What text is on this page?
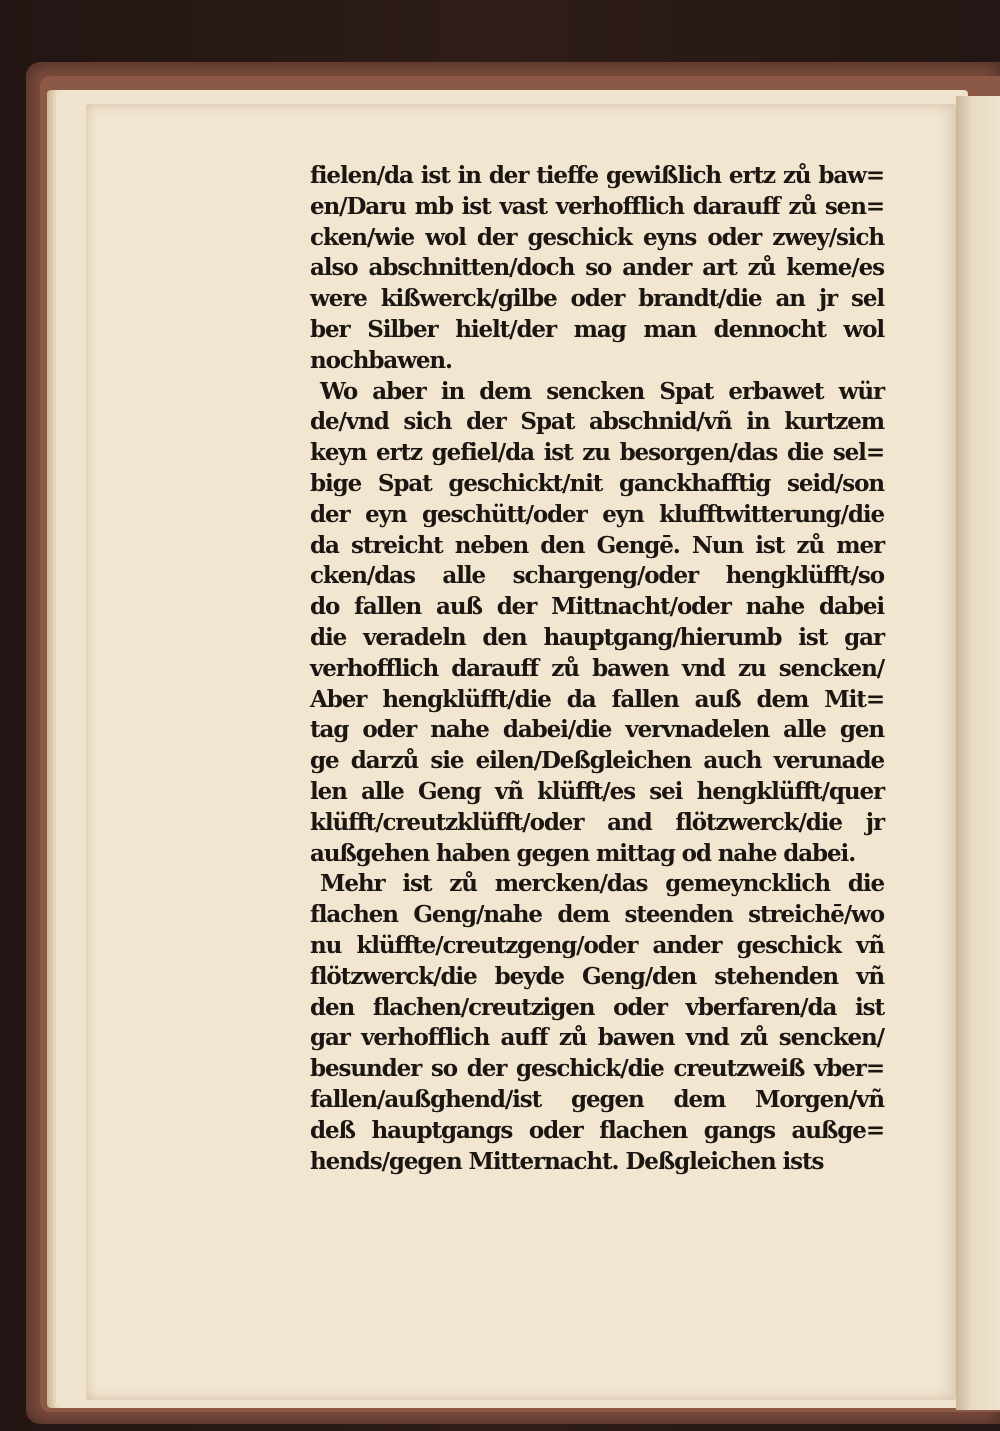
fielen/da ist in der tieffe gewißlich ertz zů baw=
en/Daru mb ist vast verhofflich darauff zů sen=
cken/wie wol der geschick eyns oder zwey/sich
also abschnitten/doch so ander art zů keme/es
were kißwerck/gilbe oder brandt/die an jr sel
ber Silber hielt/der mag man dennocht wol
nochbawen.
Wo aber in dem sencken Spat erbawet wür
de/vnd sich der Spat abschnid/vñ in kurtzem
keyn ertz gefiel/da ist zu besorgen/das die sel=
bige Spat geschickt/nit ganckhafftig seid/son
der eyn geschütt/oder eyn klufftwitterung/die
da streicht neben den Gengē. Nun ist zů mer
cken/das alle schargeng/oder hengklüfft/so
do fallen auß der Mittnacht/oder nahe dabei
die veradeln den hauptgang/hierumb ist gar
verhofflich darauff zů bawen vnd zu sencken/
Aber hengklüfft/die da fallen auß dem Mit=
tag oder nahe dabei/die vervnadelen alle gen
ge darzů sie eilen/Deßgleichen auch verunade
len alle Geng vñ klüfft/es sei hengklüfft/quer
klüfft/creutzklüfft/oder and flötzwerck/die jr
außgehen haben gegen mittag od nahe dabei.
Mehr ist zů mercken/das gemeyncklich die
flachen Geng/nahe dem steenden streichē/wo
nu klüffte/creutzgeng/oder ander geschick vñ
flötzwerck/die beyde Geng/den stehenden vñ
den flachen/creutzigen oder vberfaren/da ist
gar verhofflich auff zů bawen vnd zů sencken/
besunder so der geschick/die creutzweiß vber=
fallen/außghend/ist gegen dem Morgen/vñ
deß hauptgangs oder flachen gangs außge=
hends/gegen Mitternacht. Deßgleichen ists
